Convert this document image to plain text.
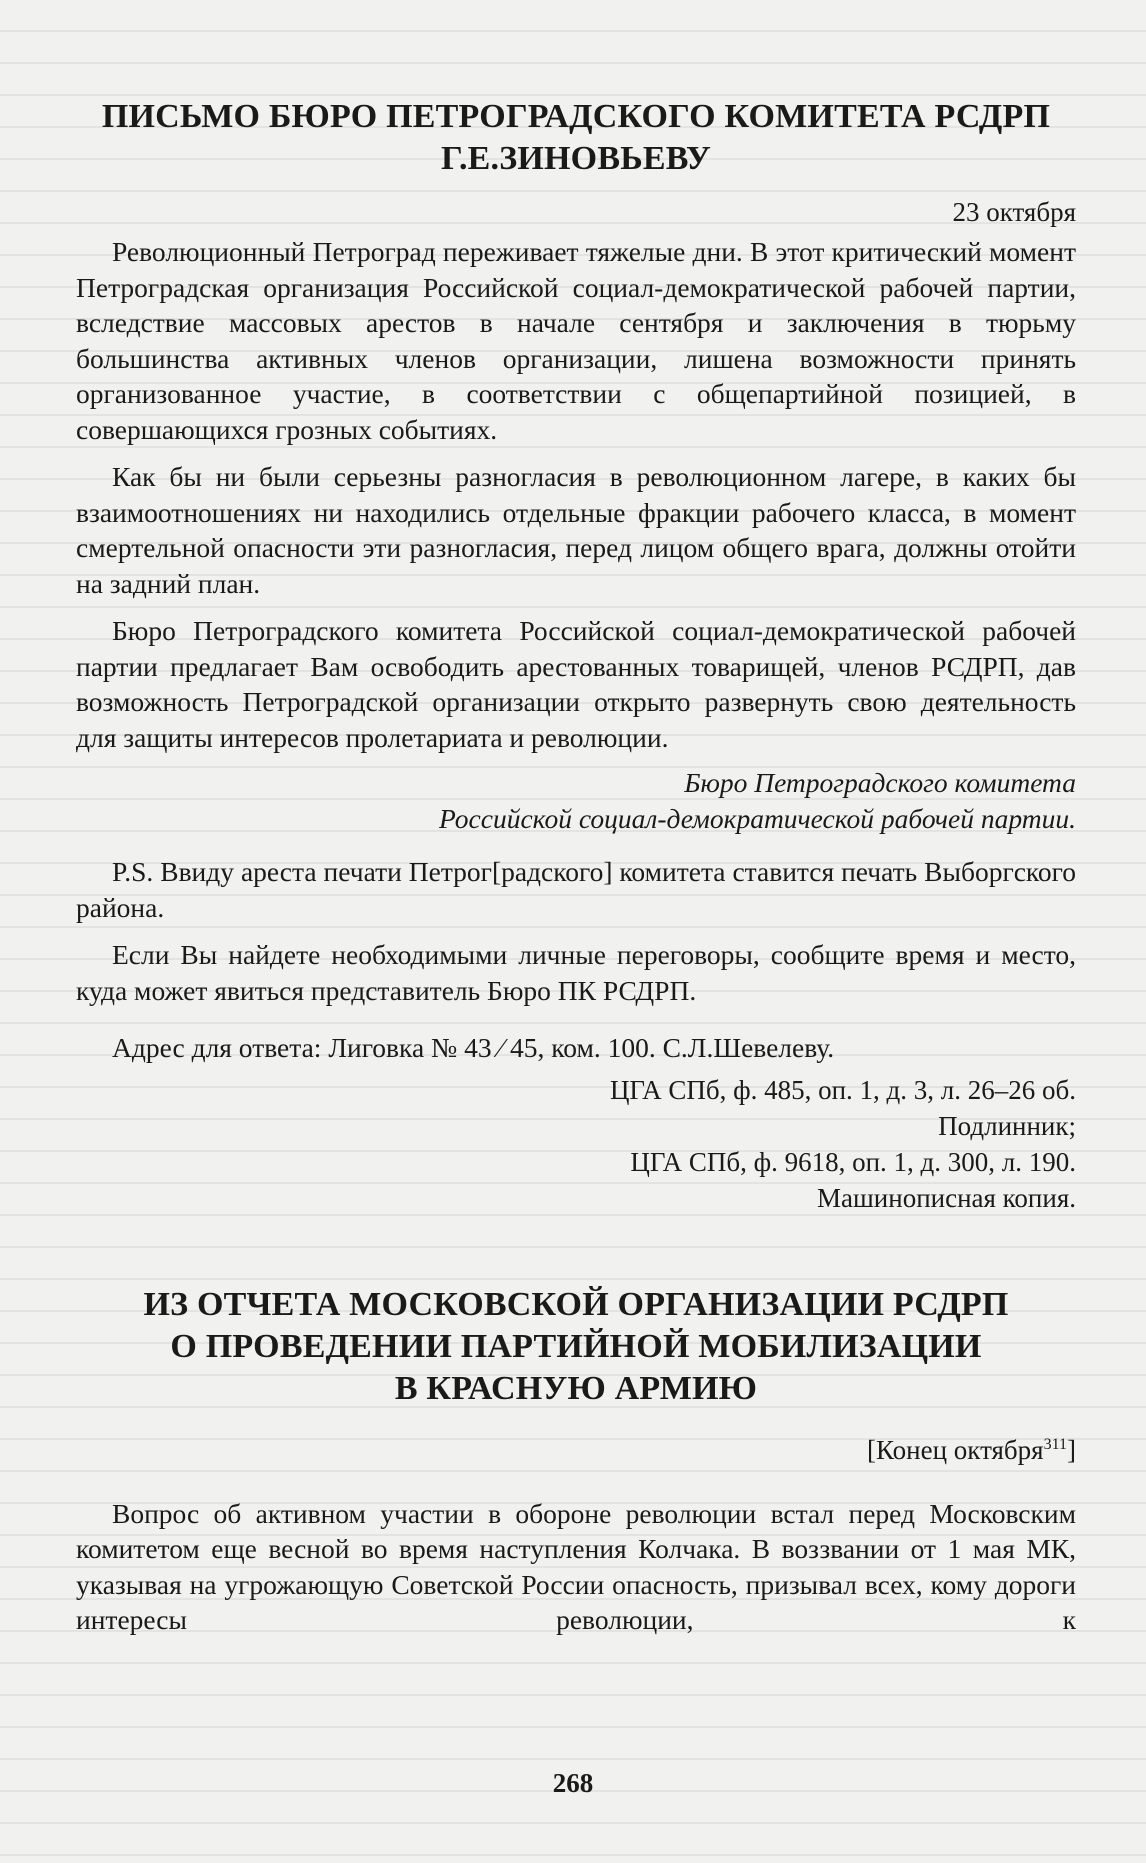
ПИСЬМО БЮРО ПЕТРОГРАДСКОГО КОМИТЕТА РСДРП
Г.Е.ЗИНОВЬЕВУ
23 октября

Революционный Петроград переживает тяжелые дни. В этот критический момент Петроградская организация Российской социал-демократической рабочей партии, вследствие массовых арестов в начале сентября и заключения в тюрьму большинства активных членов организации, лишена возможности принять организованное участие, в соответствии с общепартийной позицией, в совершающихся грозных событиях.

Как бы ни были серьезны разногласия в революционном лагере, в каких бы взаимоотношениях ни находились отдельные фракции рабочего класса, в момент смертельной опасности эти разногласия, перед лицом общего врага, должны отойти на задний план.

Бюро Петроградского комитета Российской социал-демократической рабочей партии предлагает Вам освободить арестованных товарищей, членов РСДРП, дав возможность Петроградской организации открыто развернуть свою деятельность для защиты интересов пролетариата и революции.

Бюро Петроградского комитета
Российской социал-демократической рабочей партии.

P.S. Ввиду ареста печати Петрог[радского] комитета ставится печать Выборгского района.

Если Вы найдете необходимыми личные переговоры, сообщите время и место, куда может явиться представитель Бюро ПК РСДРП.

Адрес для ответа: Лиговка № 43 ⁄ 45, ком. 100. С.Л.Шевелеву.

ЦГА СПб, ф. 485, оп. 1, д. 3, л. 26–26 об.
Подлинник;
ЦГА СПб, ф. 9618, оп. 1, д. 300, л. 190.
Машинописная копия.
ИЗ ОТЧЕТА МОСКОВСКОЙ ОРГАНИЗАЦИИ РСДРП
О ПРОВЕДЕНИИ ПАРТИЙНОЙ МОБИЛИЗАЦИИ
В КРАСНУЮ АРМИЮ
[Конец октября$^{311}$]

Вопрос об активном участии в обороне революции встал перед Московским комитетом еще весной во время наступления Колчака. В воззвании от 1 мая МК, указывая на угрожающую Советской России опасность, призывал всех, кому дороги интересы революции, к

268
